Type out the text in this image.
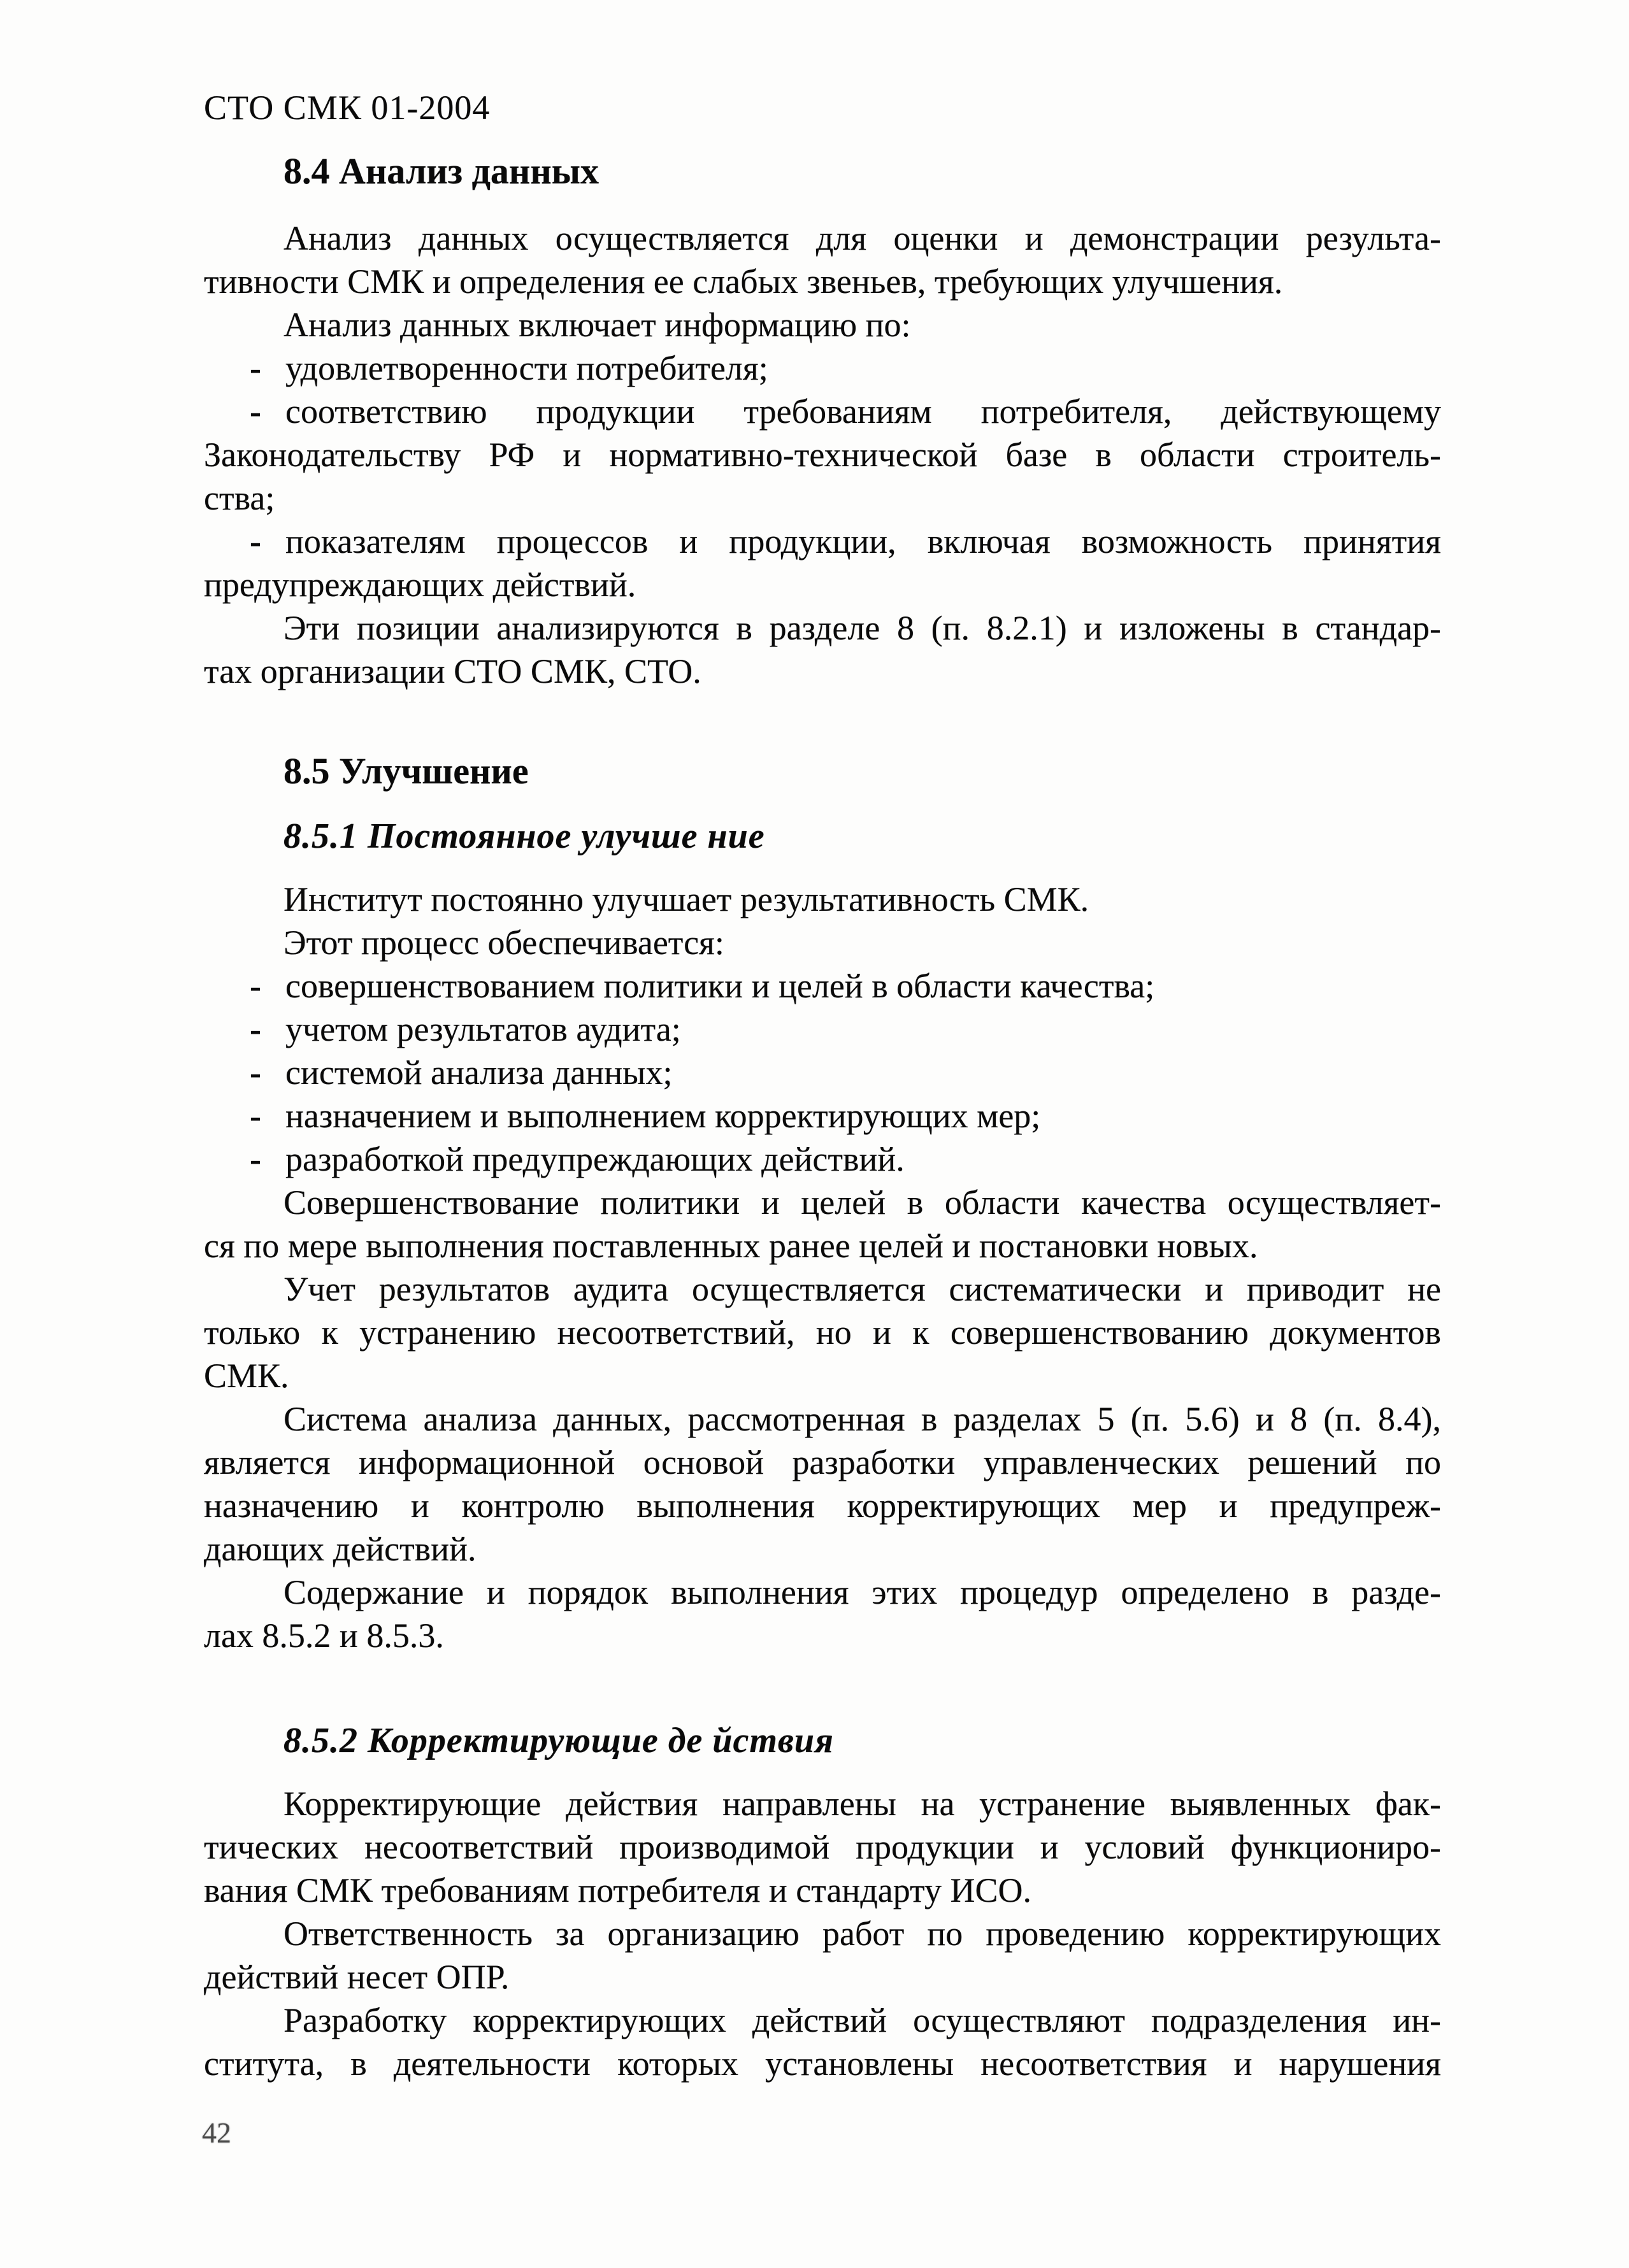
СТО СМК 01-2004
8.4 Анализ данных
Анализ данных осуществляется для оценки и демонстрации результа-
тивности СМК и определения ее слабых звеньев, требующих улучшения.
Анализ данных включает информацию по:
- удовлетворенности потребителя;
- соответствию продукции требованиям потребителя, действующему
Законодательству РФ и нормативно-технической базе в области строитель-
ства;
- показателям процессов и продукции, включая возможность принятия
предупреждающих действий.
Эти позиции анализируются в разделе 8 (п. 8.2.1) и изложены в стандар-
тах организации СТО СМК, СТО.
8.5 Улучшение
8.5.1 Постоянное улучше ние
Институт постоянно улучшает результативность СМК.
Этот процесс обеспечивается:
- совершенствованием политики и целей в области качества;
- учетом результатов аудита;
- системой анализа данных;
- назначением и выполнением корректирующих мер;
- разработкой предупреждающих действий.
Совершенствование политики и целей в области качества осуществляет-
ся по мере выполнения поставленных ранее целей и постановки новых.
Учет результатов аудита осуществляется систематически и приводит не
только к устранению несоответствий, но и к совершенствованию документов
СМК.
Система анализа данных, рассмотренная в разделах 5 (п. 5.6) и 8 (п. 8.4),
является информационной основой разработки управленческих решений по
назначению и контролю выполнения корректирующих мер и предупреж-
дающих действий.
Содержание и порядок выполнения этих процедур определено в разде-
лах 8.5.2 и 8.5.3.
8.5.2 Корректирующие де йствия
Корректирующие действия направлены на устранение выявленных фак-
тических несоответствий производимой продукции и условий функциониро-
вания СМК требованиям потребителя и стандарту ИСО.
Ответственность за организацию работ по проведению корректирующих
действий несет ОПР.
Разработку корректирующих действий осуществляют подразделения ин-
ститута, в деятельности которых установлены несоответствия и нарушения
42
